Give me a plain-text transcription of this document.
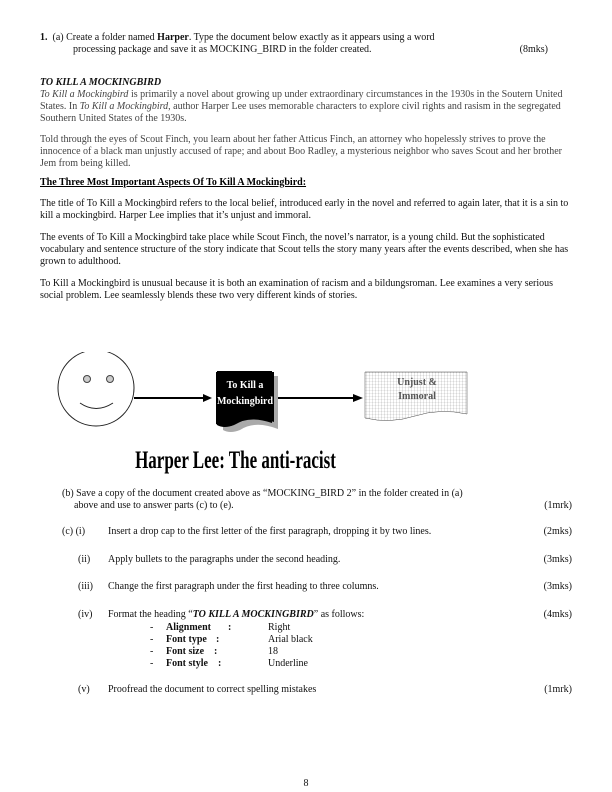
1. (a) Create a folder named Harper. Type the document below exactly as it appears using a word
processing package and save it as MOCKING_BIRD in the folder created.	(8mks)
TO KILL A MOCKINGBIRD

To Kill a Mockingbird is primarily a novel about growing up under extraordinary circumstances in the 1930s in the Soutern United States. In To Kill a Mockingbird, author Harper Lee uses memorable characters to explore civil rights and rasism in the segregated Southern United States of the 1930s.

Told through the eyes of Scout Finch, you learn about her father Atticus Finch, an attorney who hopelessly strives to prove the innocence of a black man unjustly accused of rape; and about Boo Radley, a mysterious neighbor who saves Scout and her brother Jem from being killed.

The Three Most Important Aspects Of To Kill A Mockingbird:

The title of To Kill a Mockingbird refers to the local belief, introduced early in the novel and referred to again later, that it is a sin to kill a mockingbird. Harper Lee implies that it’s unjust and immoral.

The events of To Kill a Mockingbird take place while Scout Finch, the novel’s narrator, is a young child. But the sophisticated vocabulary and sentence structure of the story indicate that Scout tells the story many years after the events described, when she has grown to adulthood.

To Kill a Mockingbird is unusual because it is both an examination of racism and a bildungsroman. Lee examines a very serious social problem. Lee seamlessly blends these two very different kinds of stories.

To Kill a
Mockingbird
Unjust &
Immoral
Harper Lee: The anti-racist
(b) Save a copy of the document created above as “MOCKING_BIRD 2” in the folder created in (a)
above and use to answer parts (c) to (e).	(1mrk)
(c) (i) Insert a drop cap to the first letter of the first paragraph, dropping it by two lines.	(2mks)
(ii) Apply bullets to the paragraphs under the second heading.	(3mks)
(iii) Change the first paragraph under the first heading to three columns.	(3mks)
(iv) Format the heading “TO KILL A MOCKINGBIRD” as follows:	(4mks)
- Alignment :	Right
- Font type :	Arial black
- Font size :	18
- Font style :	Underline
(v) Proofread the document to correct spelling mistakes	(1mrk)
8
